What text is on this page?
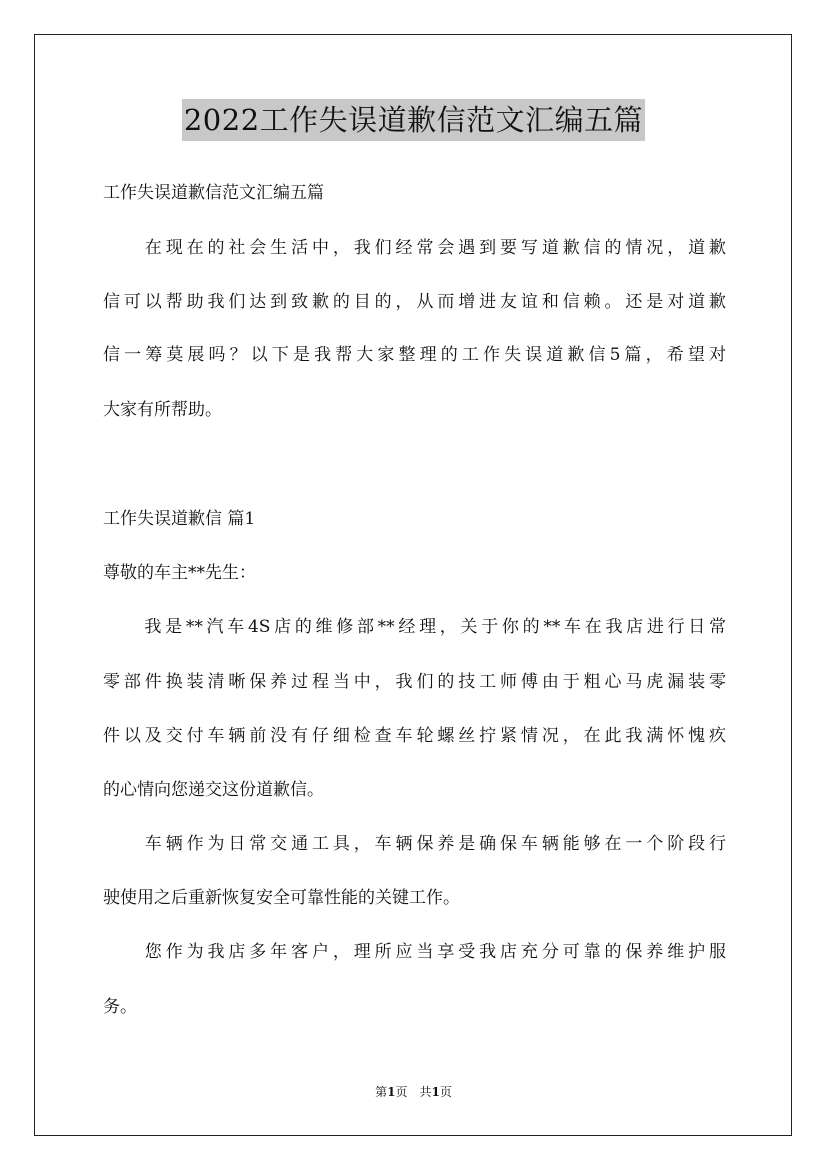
2022工作失误道歉信范文汇编五篇
工作失误道歉信范文汇编五篇
　　在现在的社会生活中，我们经常会遇到要写道歉信的情况，道歉
信可以帮助我们达到致歉的目的，从而增进友谊和信赖。还是对道歉
信一筹莫展吗？以下是我帮大家整理的工作失误道歉信5篇，希望对
大家有所帮助。
工作失误道歉信 篇1
尊敬的车主**先生：
　　我是**汽车4S店的维修部**经理，关于你的**车在我店进行日常
零部件换装清晰保养过程当中，我们的技工师傅由于粗心马虎漏装零
件以及交付车辆前没有仔细检查车轮螺丝拧紧情况，在此我满怀愧疚
的心情向您递交这份道歉信。
　　车辆作为日常交通工具，车辆保养是确保车辆能够在一个阶段行
驶使用之后重新恢复安全可靠性能的关键工作。
　　您作为我店多年客户，理所应当享受我店充分可靠的保养维护服
务。
第1页　共1页
